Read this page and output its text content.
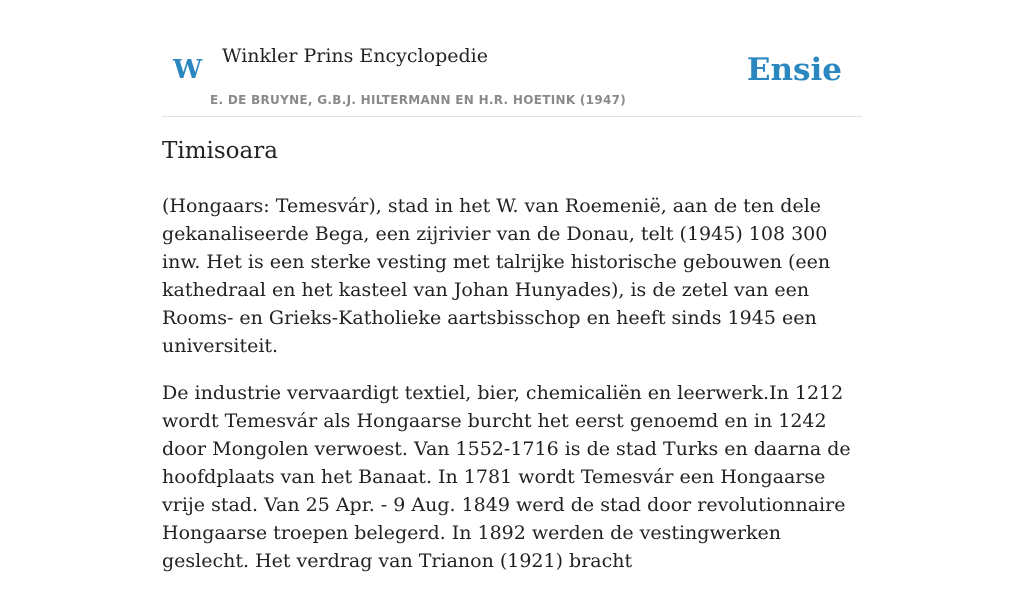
W Winkler Prins Encyclopedie
E. DE BRUYNE, G.B.J. HILTERMANN EN H.R. HOETINK (1947)
Ensie
Timisoara

(Hongaars: Temesvár), stad in het W. van Roemenië, aan de ten dele gekanaliseerde Bega, een zijrivier van de Donau, telt (1945) 108 300 inw. Het is een sterke vesting met talrijke historische gebouwen (een kathedraal en het kasteel van Johan Hunyades), is de zetel van een Rooms- en Grieks-Katholieke aartsbisschop en heeft sinds 1945 een universiteit.

De industrie vervaardigt textiel, bier, chemicaliën en leerwerk.In 1212 wordt Temesvár als Hongaarse burcht het eerst genoemd en in 1242 door Mongolen verwoest. Van 1552-1716 is de stad Turks en daarna de hoofdplaats van het Banaat. In 1781 wordt Temesvár een Hongaarse vrije stad. Van 25 Apr. - 9 Aug. 1849 werd de stad door revolutionnaire Hongaarse troepen belegerd. In 1892 werden de vestingwerken geslecht. Het verdrag van Trianon (1921) bracht
